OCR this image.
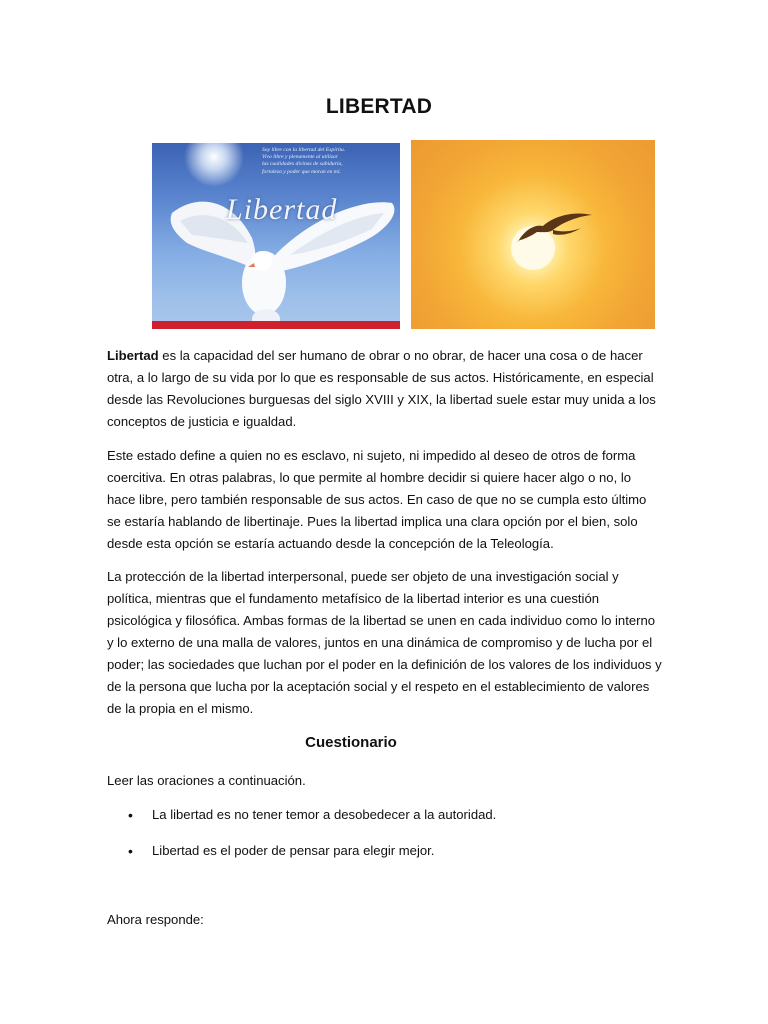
LIBERTAD
Soy libre con la libertad del Espíritu.
Vivo libre y plenamente al utilizar
las cualidades divinas de sabiduría,
fortaleza y poder que moran en mí.
Libertad
Libertad es la capacidad del ser humano de obrar o no obrar, de hacer una cosa o de hacer otra, a lo largo de su vida por lo que es responsable de sus actos. Históricamente, en especial desde las Revoluciones burguesas del siglo XVIII y XIX, la libertad suele estar muy unida a los conceptos de justicia e igualdad.
Este estado define a quien no es esclavo, ni sujeto, ni impedido al deseo de otros de forma coercitiva. En otras palabras, lo que permite al hombre decidir si quiere hacer algo o no, lo hace libre, pero también responsable de sus actos. En caso de que no se cumpla esto último se estaría hablando de libertinaje. Pues la libertad implica una clara opción por el bien, solo desde esta opción se estaría actuando desde la concepción de la Teleología.
La protección de la libertad interpersonal, puede ser objeto de una investigación social y política, mientras que el fundamento metafísico de la libertad interior es una cuestión psicológica y filosófica. Ambas formas de la libertad se unen en cada individuo como lo interno y lo externo de una malla de valores, juntos en una dinámica de compromiso y de lucha por el poder; las sociedades que luchan por el poder en la definición de los valores de los individuos y de la persona que lucha por la aceptación social y el respeto en el establecimiento de valores de la propia en el mismo.
Cuestionario
Leer las oraciones a continuación.
• La libertad es no tener temor a desobedecer a la autoridad.
• Libertad es el poder de pensar para elegir mejor.
Ahora responde:
